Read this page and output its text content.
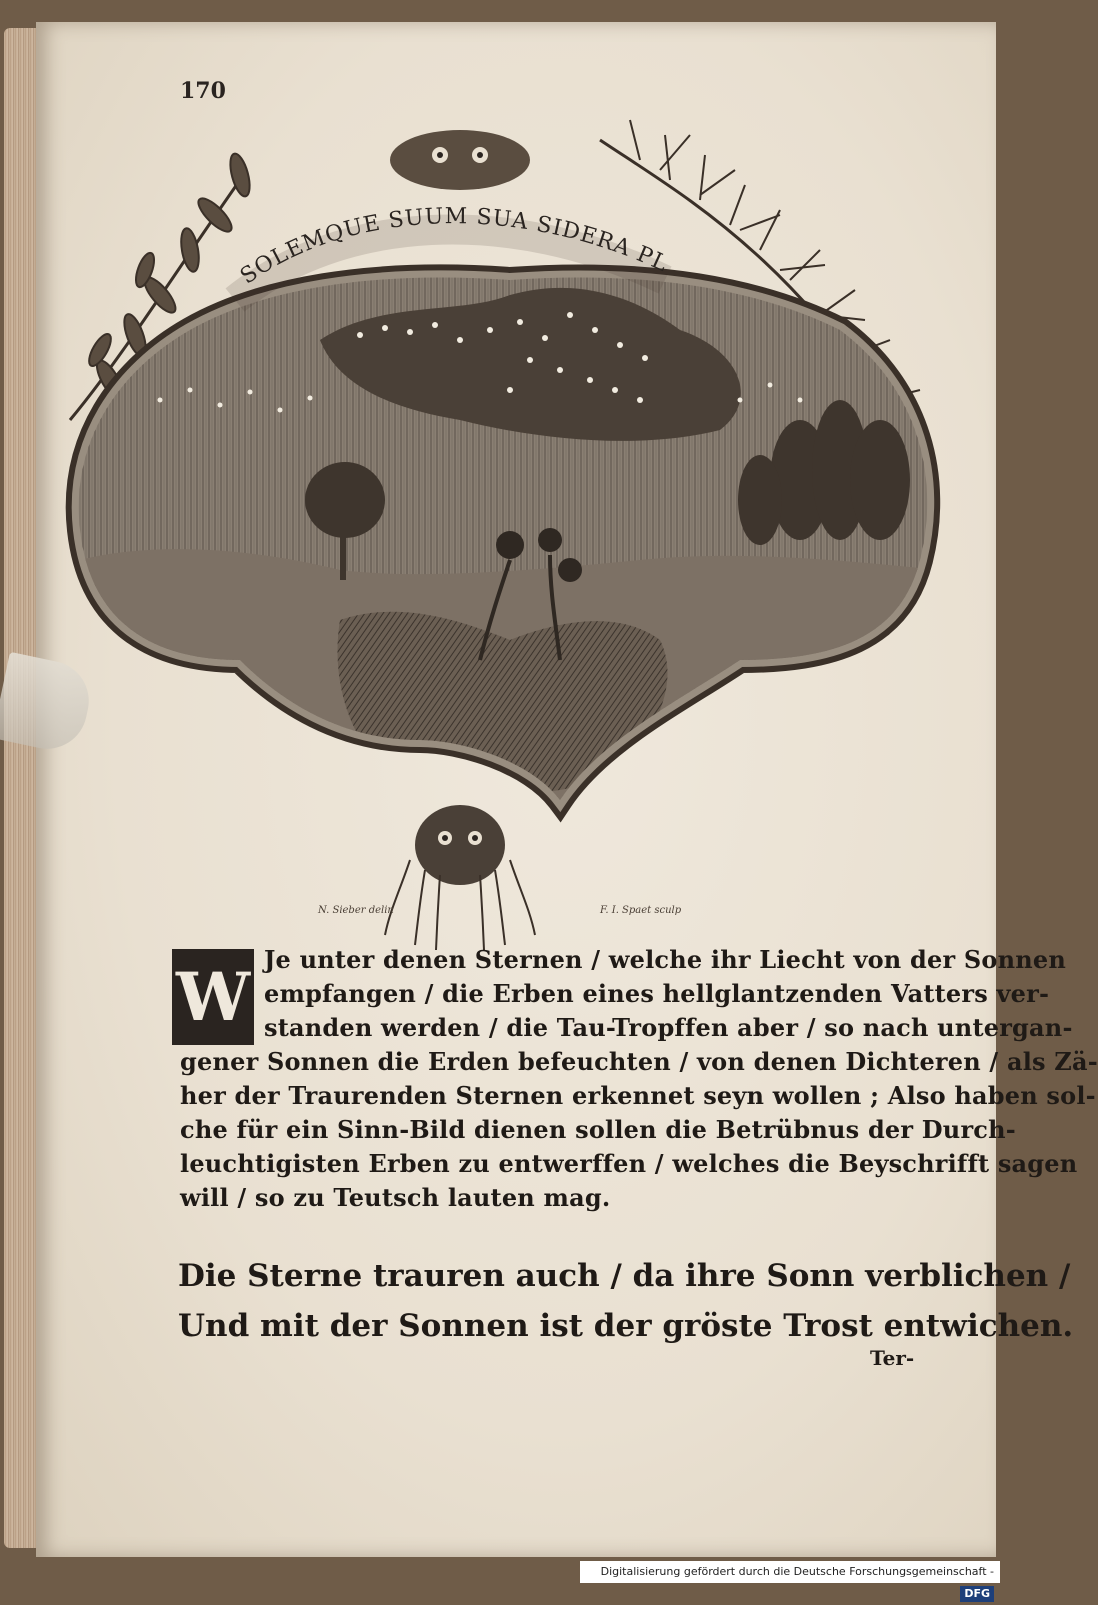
170
SOLEMQUE SUUM SUA SIDERA PL
N. Sieber delin	F. I. Spaet sculp
W Je unter denen Sternen / welche ihr Liecht von der Sonnen
empfangen / die Erben eines hellglantzenden Vatters ver-
standen werden / die Tau-Tropffen aber / so nach untergan-
gener Sonnen die Erden befeuchten / von denen Dichteren / als Zä-
her der Traurenden Sternen erkennet seyn wollen ; Also haben sol-
che für ein Sinn-Bild dienen sollen die Betrübnus der Durch-
leuchtigisten Erben zu entwerffen / welches die Beyschrifft sagen
will / so zu Teutsch lauten mag.
Die Sterne trauren auch / da ihre Sonn verblichen /
Und mit der Sonnen ist der gröste Trost entwichen.
Ter-
Digitalisierung gefördert durch die Deutsche Forschungsgemeinschaft -DFG
